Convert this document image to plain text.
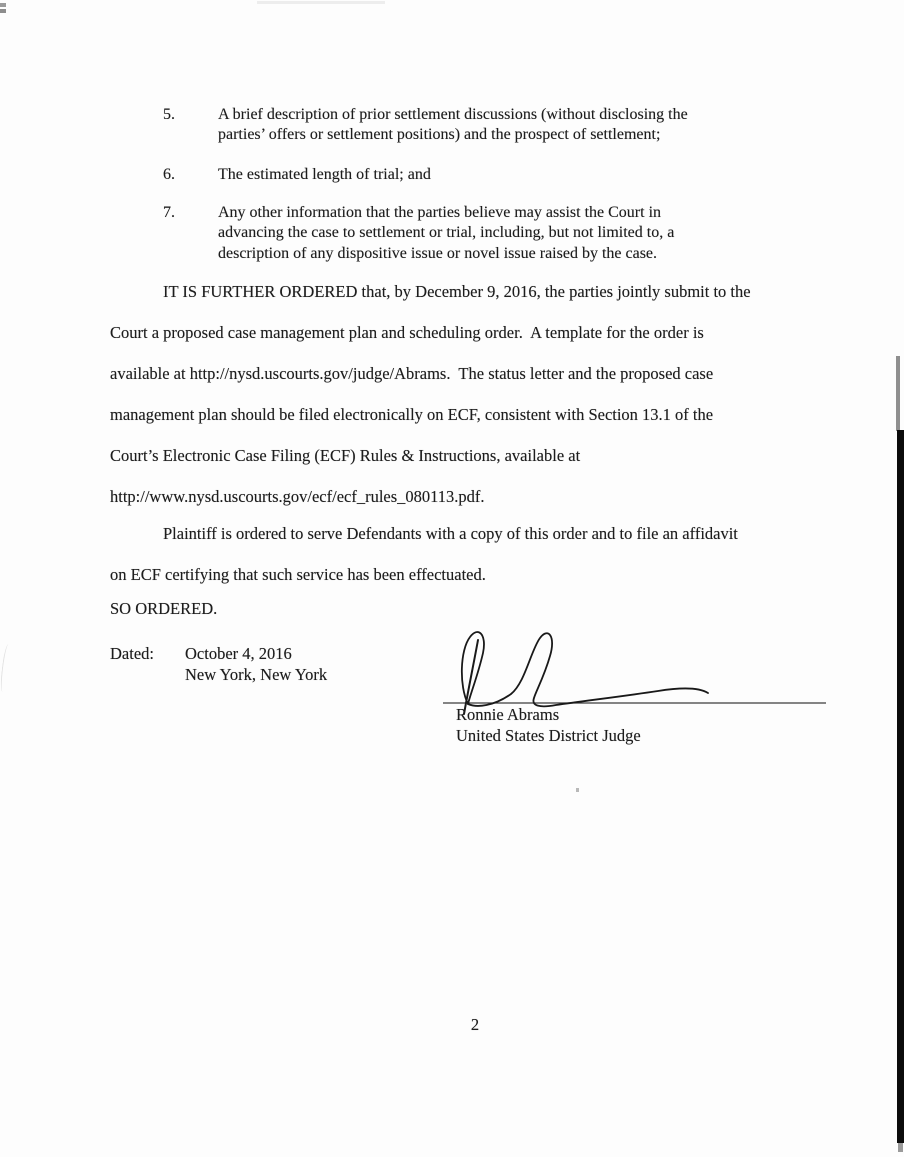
5.	A brief description of prior settlement discussions (without disclosing the
parties’ offers or settlement positions) and the prospect of settlement;
6.	The estimated length of trial; and
7.	Any other information that the parties believe may assist the Court in
advancing the case to settlement or trial, including, but not limited to, a
description of any dispositive issue or novel issue raised by the case.
IT IS FURTHER ORDERED that, by December 9, 2016, the parties jointly submit to the
Court a proposed case management plan and scheduling order.  A template for the order is
available at http://nysd.uscourts.gov/judge/Abrams.  The status letter and the proposed case
management plan should be filed electronically on ECF, consistent with Section 13.1 of the
Court’s Electronic Case Filing (ECF) Rules & Instructions, available at
http://www.nysd.uscourts.gov/ecf/ecf_rules_080113.pdf.
Plaintiff is ordered to serve Defendants with a copy of this order and to file an affidavit
on ECF certifying that such service has been effectuated.
SO ORDERED.
Dated: October 4, 2016
New York, New York
Ronnie Abrams
United States District Judge
2
